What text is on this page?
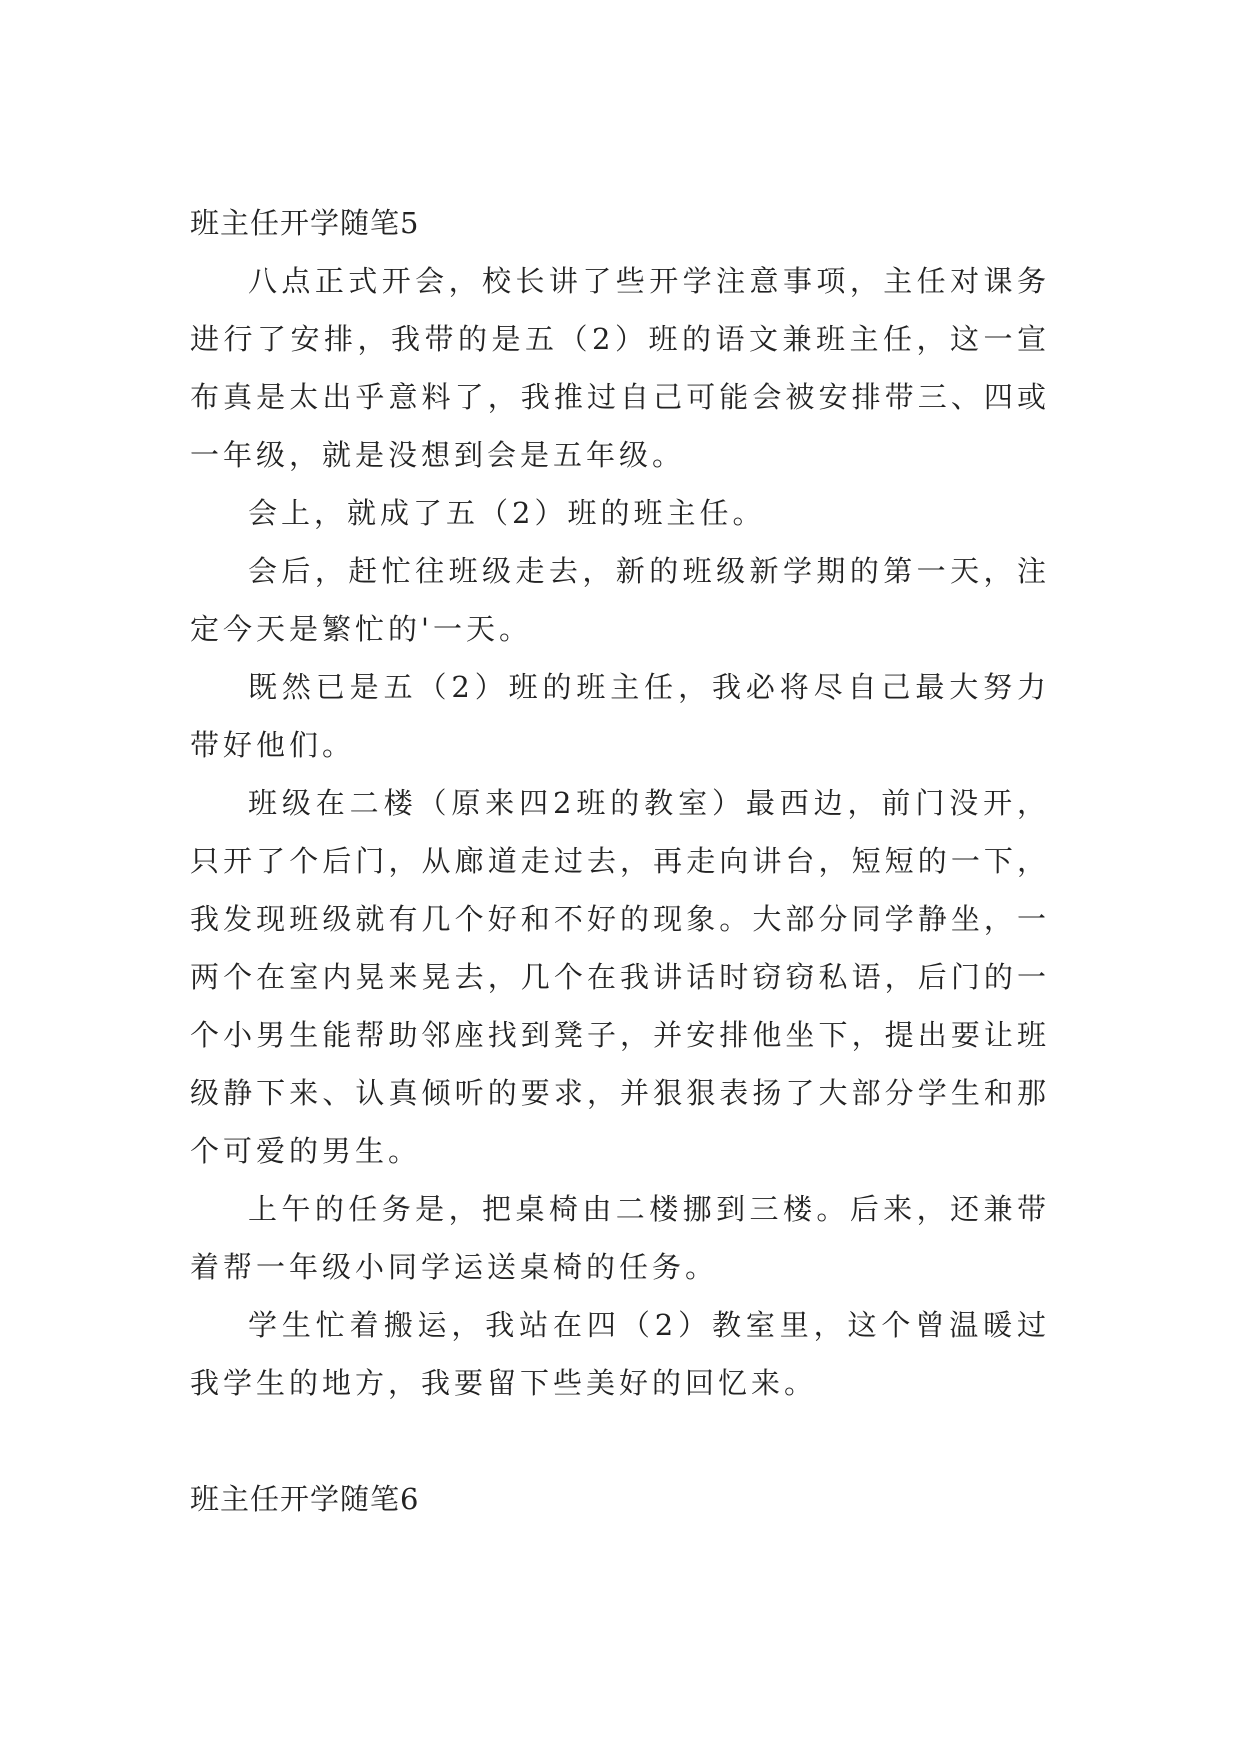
班主任开学随笔5

八点正式开会，校长讲了些开学注意事项，主任对课务进行了安排，我带的是五（2）班的语文兼班主任，这一宣布真是太出乎意料了，我推过自己可能会被安排带三、四或一年级，就是没想到会是五年级。

会上，就成了五（2）班的班主任。

会后，赶忙往班级走去，新的班级新学期的第一天，注定今天是繁忙的'一天。

既然已是五（2）班的班主任，我必将尽自己最大努力带好他们。

班级在二楼（原来四2班的教室）最西边，前门没开，只开了个后门，从廊道走过去，再走向讲台，短短的一下，我发现班级就有几个好和不好的现象。大部分同学静坐，一两个在室内晃来晃去，几个在我讲话时窃窃私语，后门的一个小男生能帮助邻座找到凳子，并安排他坐下，提出要让班级静下来、认真倾听的要求，并狠狠表扬了大部分学生和那个可爱的男生。

上午的任务是，把桌椅由二楼挪到三楼。后来，还兼带着帮一年级小同学运送桌椅的任务。

学生忙着搬运，我站在四（2）教室里，这个曾温暖过我学生的地方，我要留下些美好的回忆来。

班主任开学随笔6
